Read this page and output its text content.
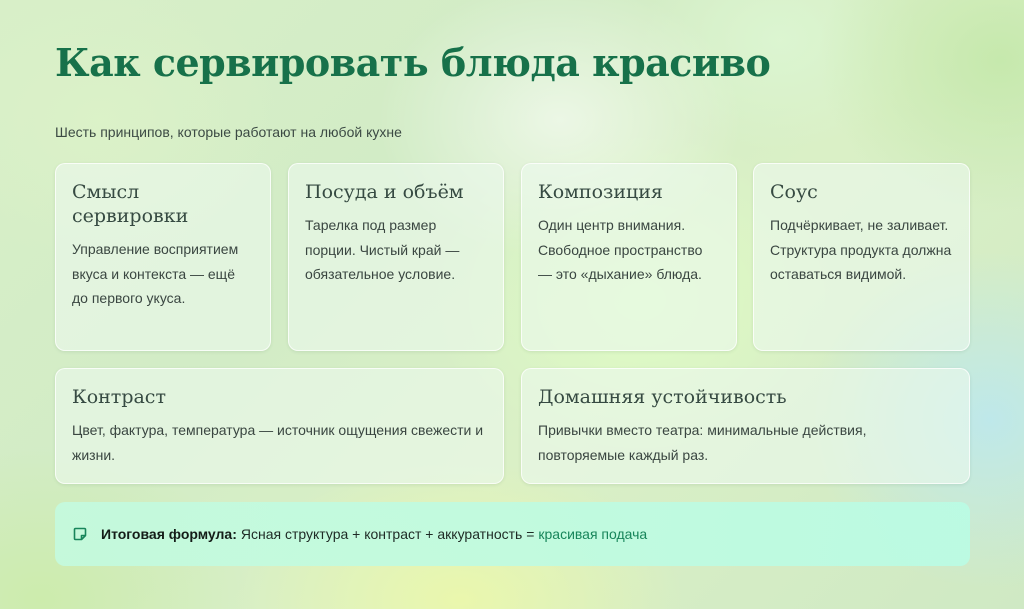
Как сервировать блюда красиво

Шесть принципов, которые работают на любой кухне

Смысл сервировки

Управление восприятием вкуса и контекста — ещё до первого укуса.

Посуда и объём

Тарелка под размер порции. Чистый край — обязательное условие.

Композиция

Один центр внимания. Свободное пространство — это «дыхание» блюда.

Соус

Подчёркивает, не заливает. Структура продукта должна оставаться видимой.

Контраст

Цвет, фактура, температура — источник ощущения свежести и жизни.

Домашняя устойчивость

Привычки вместо театра: минимальные действия, повторяемые каждый раз.

Итоговая формула: Ясная структура + контраст + аккуратность = красивая подача
